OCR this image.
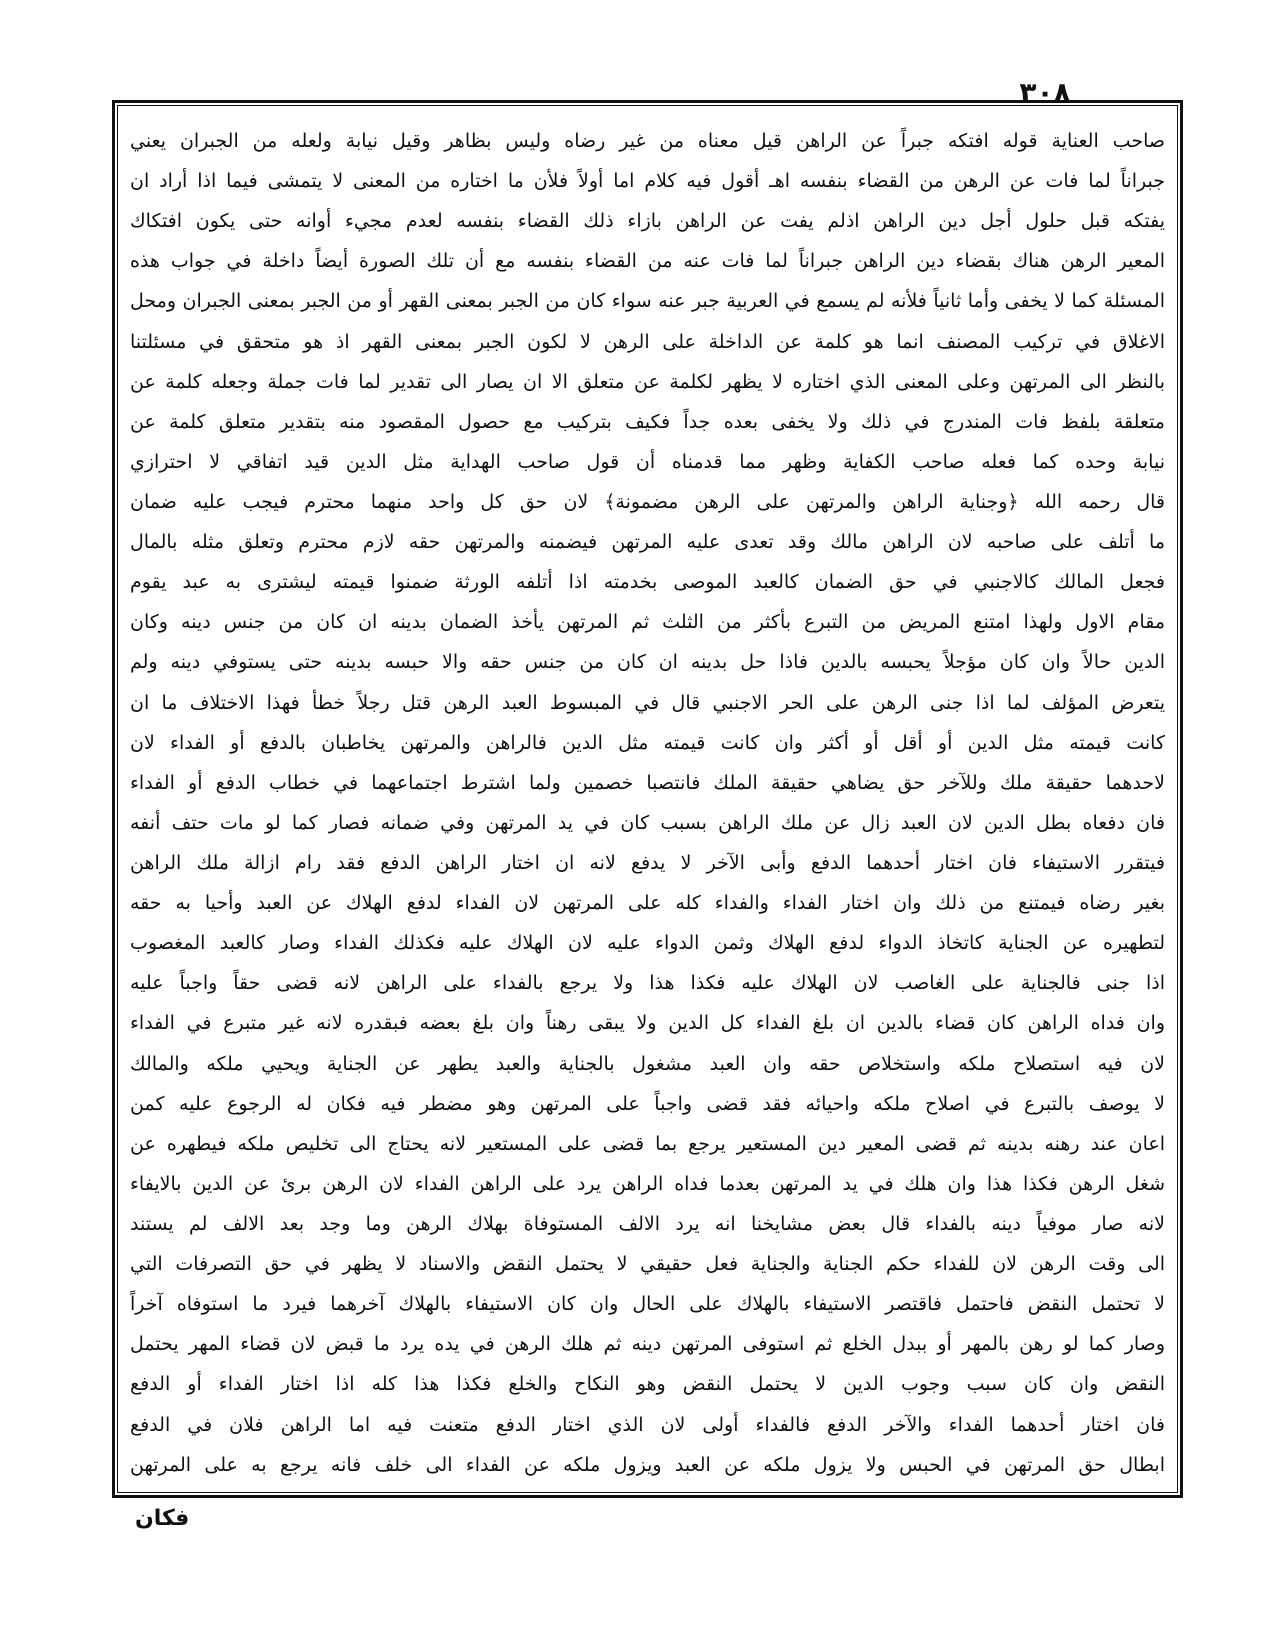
٣٠٨
صاحب العناية قوله افتكه جبراً عن الراهن قيل معناه من غير رضاه وليس بظاهر وقيل نيابة ولعله من الجبران يعني
جبراناً لما فات عن الرهن من القضاء بنفسه اهـ أقول فيه كلام اما أولاً فلأن ما اختاره من المعنى لا يتمشى فيما اذا أراد ان
يفتكه قبل حلول أجل دين الراهن اذلم يفت عن الراهن بازاء ذلك القضاء بنفسه لعدم مجيء أوانه حتى يكون افتكاك
المعير الرهن هناك بقضاء دين الراهن جبراناً لما فات عنه من القضاء بنفسه مع أن تلك الصورة أيضاً داخلة في جواب هذه
المسئلة كما لا يخفى وأما ثانياً فلأنه لم يسمع في العربية جبر عنه سواء كان من الجبر بمعنى القهر أو من الجبر بمعنى الجبران ومحل
الاغلاق في تركيب المصنف انما هو كلمة عن الداخلة على الرهن لا لكون الجبر بمعنى القهر اذ هو متحقق في مسئلتنا
بالنظر الى المرتهن وعلى المعنى الذي اختاره لا يظهر لكلمة عن متعلق الا ان يصار الى تقدير لما فات جملة وجعله كلمة عن
متعلقة بلفظ فات المندرج في ذلك ولا يخفى بعده جداً فكيف بتركيب مع حصول المقصود منه بتقدير متعلق كلمة عن
نيابة وحده كما فعله صاحب الكفاية وظهر مما قدمناه أن قول صاحب الهداية مثل الدين قيد اتفاقي لا احترازي
قال رحمه الله ﴿وجناية الراهن والمرتهن على الرهن مضمونة﴾ لان حق كل واحد منهما محترم فيجب عليه ضمان
ما أتلف على صاحبه لان الراهن مالك وقد تعدى عليه المرتهن فيضمنه والمرتهن حقه لازم محترم وتعلق مثله بالمال
فجعل المالك كالاجنبي في حق الضمان كالعبد الموصى بخدمته اذا أتلفه الورثة ضمنوا قيمته ليشترى به عبد يقوم
مقام الاول ولهذا امتنع المريض من التبرع بأكثر من الثلث ثم المرتهن يأخذ الضمان بدينه ان كان من جنس دينه وكان
الدين حالاً وان كان مؤجلاً يحبسه بالدين فاذا حل بدينه ان كان من جنس حقه والا حبسه بدينه حتى يستوفي دينه ولم
يتعرض المؤلف لما اذا جنى الرهن على الحر الاجنبي قال في المبسوط العبد الرهن قتل رجلاً خطأ فهذا الاختلاف ما ان
كانت قيمته مثل الدين أو أقل أو أكثر وان كانت قيمته مثل الدين فالراهن والمرتهن يخاطبان بالدفع أو الفداء لان
لاحدهما حقيقة ملك وللآخر حق يضاهي حقيقة الملك فانتصبا خصمين ولما اشترط اجتماعهما في خطاب الدفع أو الفداء
فان دفعاه بطل الدين لان العبد زال عن ملك الراهن بسبب كان في يد المرتهن وفي ضمانه فصار كما لو مات حتف أنفه
فيتقرر الاستيفاء فان اختار أحدهما الدفع وأبى الآخر لا يدفع لانه ان اختار الراهن الدفع فقد رام ازالة ملك الراهن
بغير رضاه فيمتنع من ذلك وان اختار الفداء والفداء كله على المرتهن لان الفداء لدفع الهلاك عن العبد وأحيا به حقه
لتطهيره عن الجناية كاتخاذ الدواء لدفع الهلاك وثمن الدواء عليه لان الهلاك عليه فكذلك الفداء وصار كالعبد المغصوب
اذا جنى فالجناية على الغاصب لان الهلاك عليه فكذا هذا ولا يرجع بالفداء على الراهن لانه قضى حقاً واجباً عليه
وان فداه الراهن كان قضاء بالدين ان بلغ الفداء كل الدين ولا يبقى رهناً وان بلغ بعضه فبقدره لانه غير متبرع في الفداء
لان فيه استصلاح ملكه واستخلاص حقه وان العبد مشغول بالجناية والعبد يطهر عن الجناية ويحيي ملكه والمالك
لا يوصف بالتبرع في اصلاح ملكه واحيائه فقد قضى واجباً على المرتهن وهو مضطر فيه فكان له الرجوع عليه كمن
اعان عند رهنه بدينه ثم قضى المعير دين المستعير يرجع بما قضى على المستعير لانه يحتاج الى تخليص ملكه فيطهره عن
شغل الرهن فكذا هذا وان هلك في يد المرتهن بعدما فداه الراهن يرد على الراهن الفداء لان الرهن برئ عن الدين بالايفاء
لانه صار موفياً دينه بالفداء قال بعض مشايخنا انه يرد الالف المستوفاة بهلاك الرهن وما وجد بعد الالف لم يستند
الى وقت الرهن لان للفداء حكم الجناية والجناية فعل حقيقي لا يحتمل النقض والاسناد لا يظهر في حق التصرفات التي
لا تحتمل النقض فاحتمل فاقتصر الاستيفاء بالهلاك على الحال وان كان الاستيفاء بالهلاك آخرهما فيرد ما استوفاه آخراً
وصار كما لو رهن بالمهر أو ببدل الخلع ثم استوفى المرتهن دينه ثم هلك الرهن في يده يرد ما قبض لان قضاء المهر يحتمل
النقض وان كان سبب وجوب الدين لا يحتمل النقض وهو النكاح والخلع فكذا هذا كله اذا اختار الفداء أو الدفع
فان اختار أحدهما الفداء والآخر الدفع فالفداء أولى لان الذي اختار الدفع متعنت فيه اما الراهن فلان في الدفع
ابطال حق المرتهن في الحبس ولا يزول ملكه عن العبد ويزول ملكه عن الفداء الى خلف فانه يرجع به على المرتهن
فكان
